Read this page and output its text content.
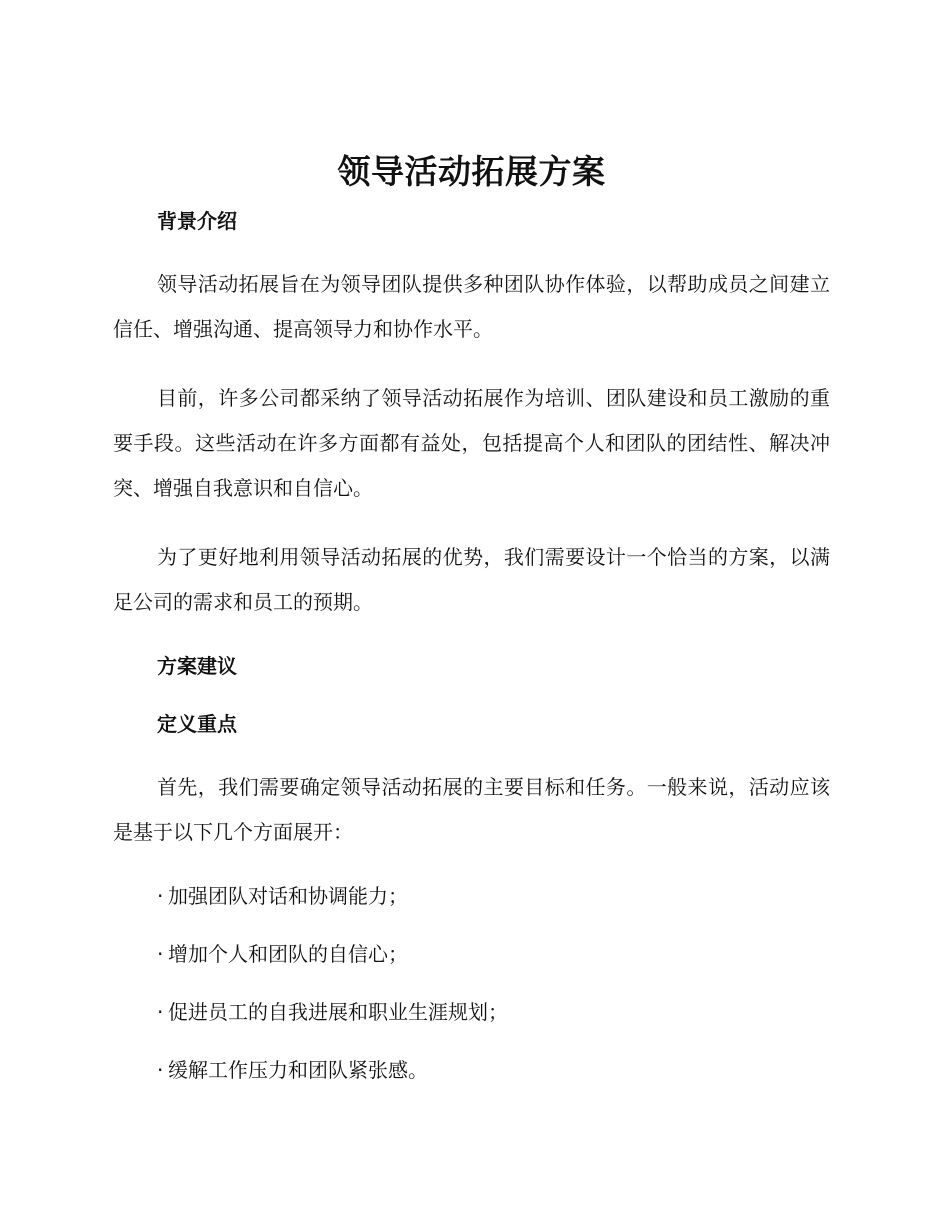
领导活动拓展方案
背景介绍

领导活动拓展旨在为领导团队提供多种团队协作体验，以帮助成员之间建立信任、增强沟通、提高领导力和协作水平。

目前，许多公司都采纳了领导活动拓展作为培训、团队建设和员工激励的重要手段。这些活动在许多方面都有益处，包括提高个人和团队的团结性、解决冲突、增强自我意识和自信心。

为了更好地利用领导活动拓展的优势，我们需要设计一个恰当的方案，以满足公司的需求和员工的预期。

方案建议
定义重点

首先，我们需要确定领导活动拓展的主要目标和任务。一般来说，活动应该是基于以下几个方面展开：

· 加强团队对话和协调能力；
· 增加个人和团队的自信心；
· 促进员工的自我进展和职业生涯规划；
· 缓解工作压力和团队紧张感。
